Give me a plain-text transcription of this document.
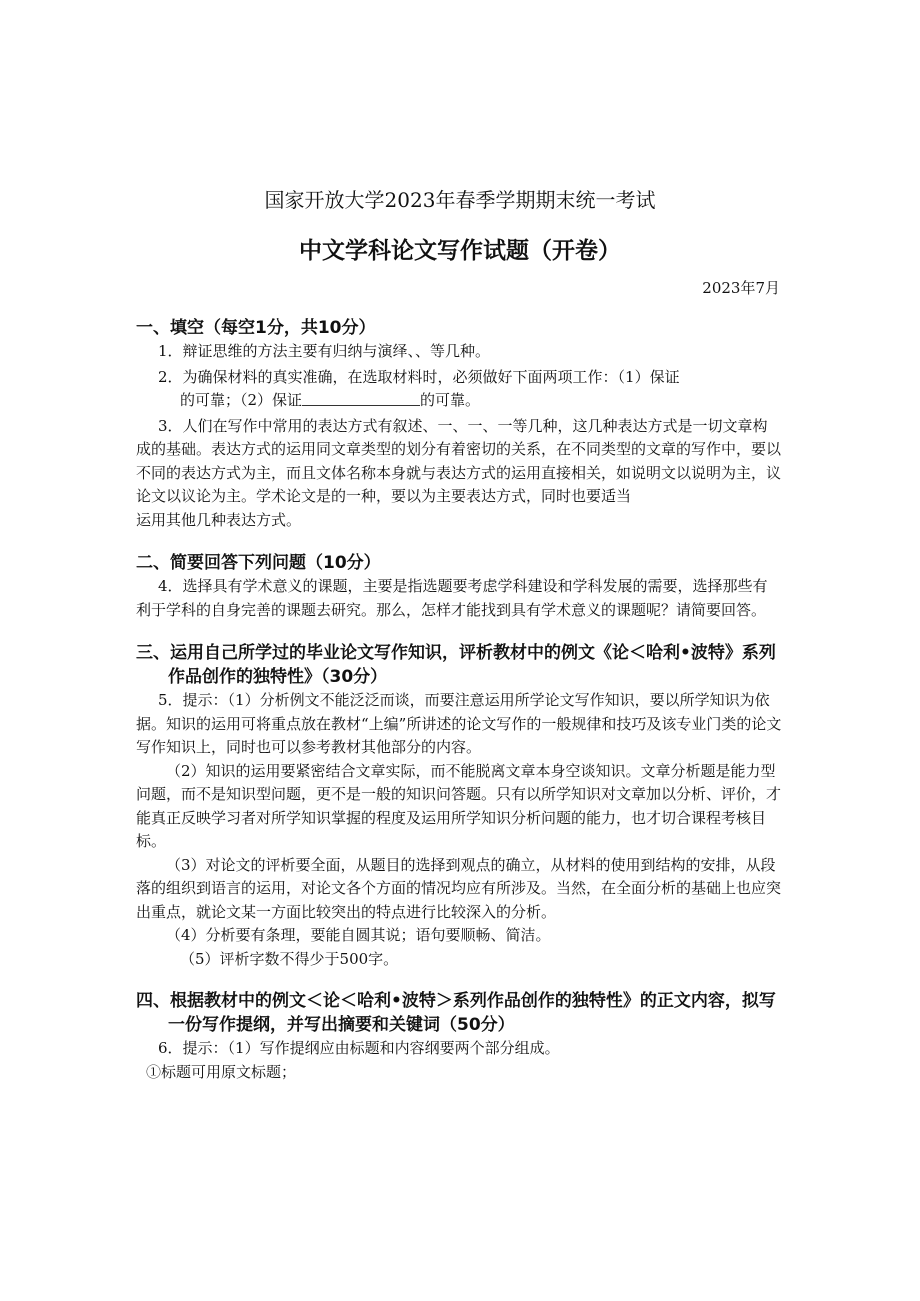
国家开放大学2023年春季学期期末统一考试
中文学科论文写作试题（开卷）
2023年7月
一、填空（每空1分，共10分）

1．辩证思维的方法主要有归纳与演绎、、等几种。

2．为确保材料的真实准确，在选取材料时，必须做好下面两项工作：（1）保证

的可靠；（2）保证	的可靠。

3．人们在写作中常用的表达方式有叙述、一、一、一等几种，这几种表达方式是一切文章构成的基础。表达方式的运用同文章类型的划分有着密切的关系，在不同类型的文章的写作中，要以不同的表达方式为主，而且文体名称本身就与表达方式的运用直接相关，如说明文以说明为主，议论文以议论为主。学术论文是的一种，要以为主要表达方式，同时也要适当

运用其他几种表达方式。

二、简要回答下列问题（10分）

4．选择具有学术意义的课题，主要是指选题要考虑学科建设和学科发展的需要，选择那些有利于学科的自身完善的课题去研究。那么，怎样才能找到具有学术意义的课题呢？请简要回答。

三、运用自己所学过的毕业论文写作知识，评析教材中的例文《论＜哈利•波特》系列作品创作的独特性》（30分）

5．提示：（1）分析例文不能泛泛而谈，而要注意运用所学论文写作知识，要以所学知识为依据。知识的运用可将重点放在教材“上编”所讲述的论文写作的一般规律和技巧及该专业门类的论文写作知识上，同时也可以参考教材其他部分的内容。

（2）知识的运用要紧密结合文章实际，而不能脱离文章本身空谈知识。文章分析题是能力型问题，而不是知识型问题，更不是一般的知识问答题。只有以所学知识对文章加以分析、评价，才能真正反映学习者对所学知识掌握的程度及运用所学知识分析问题的能力，也才切合课程考核目标。

（3）对论文的评析要全面，从题目的选择到观点的确立，从材料的使用到结构的安排，从段落的组织到语言的运用，对论文各个方面的情况均应有所涉及。当然，在全面分析的基础上也应突出重点，就论文某一方面比较突出的特点进行比较深入的分析。

（4）分析要有条理，要能自圆其说；语句要顺畅、简洁。

（5）评析字数不得少于500字。

四、根据教材中的例文＜论＜哈利•波特＞系列作品创作的独特性》的正文内容，拟写一份写作提纲，并写出摘要和关键词（50分）

6．提示：（1）写作提纲应由标题和内容纲要两个部分组成。

①标题可用原文标题；
